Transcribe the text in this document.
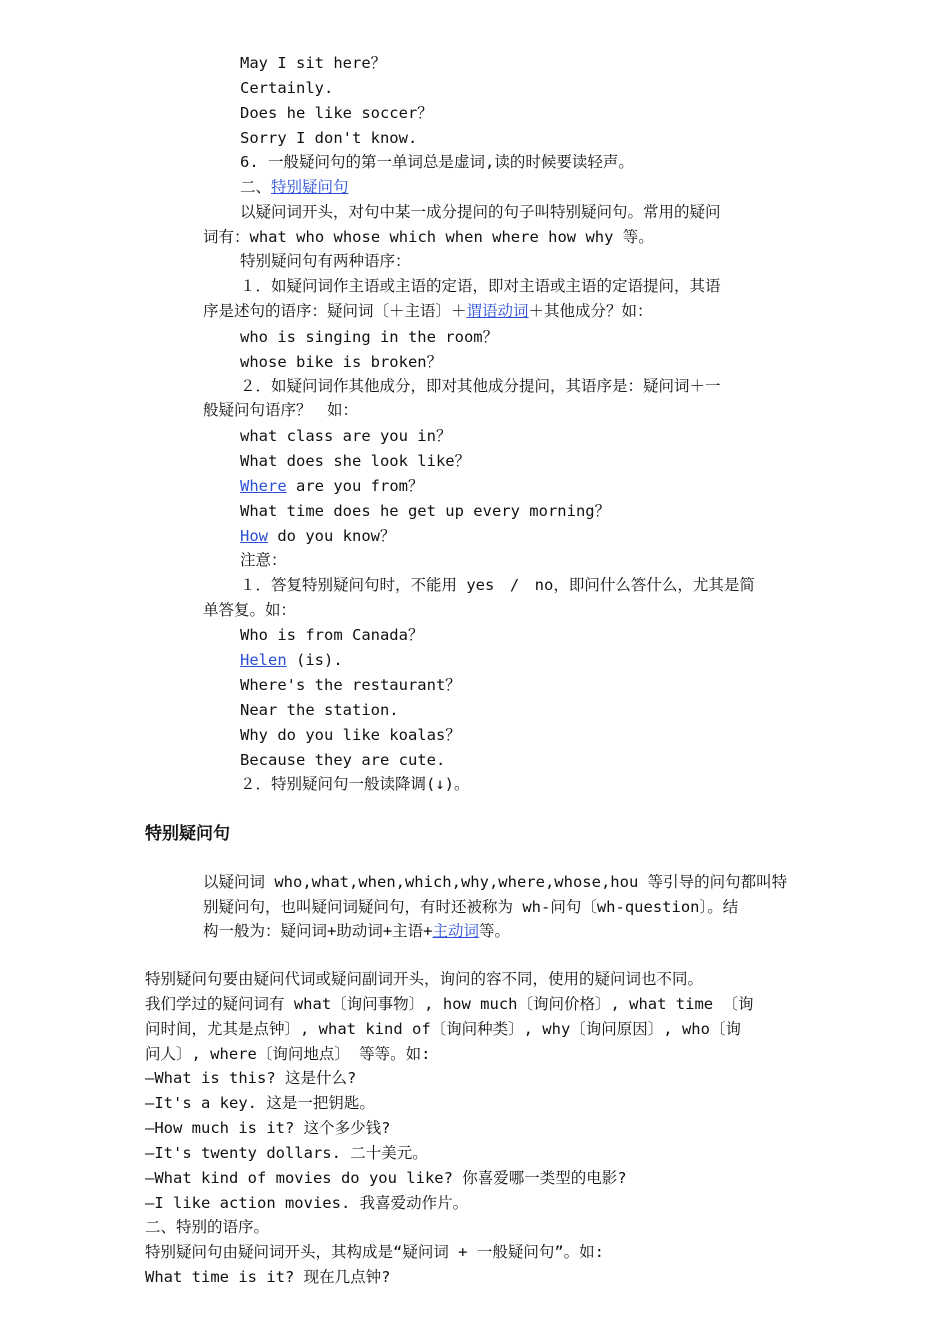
May I sit here？
Certainly.
Does he like soccer？
Sorry I don't know.
6. 一般疑问句的第一单词总是虚词,读的时候要读轻声。
二、特别疑问句
以疑问词开头，对句中某一成分提问的句子叫特别疑问句。常用的疑问
词有：what who whose which when where how why 等。
特别疑问句有两种语序：
１．如疑问词作主语或主语的定语，即对主语或主语的定语提问，其语
序是述句的语序：疑问词〔＋主语〕＋谓语动词＋其他成分？如：
who is singing in the room？
whose bike is broken？
２．如疑问词作其他成分，即对其他成分提问，其语序是：疑问词＋一
般疑问句语序？　如：
what class are you in？
What does she look like？
Where are you from？
What time does he get up every morning？
How do you know？
注意：
１．答复特别疑问句时，不能用 yes　/　no，即问什么答什么，尤其是简
单答复。如：
Who is from Canada？
Helen (is).
Where's the restaurant？
Near the station.
Why do you like koalas？
Because they are cute.
２．特别疑问句一般读降调(↓)。
特别疑问句
以疑问词 who,what,when,which,why,where,whose,hou 等引导的问句都叫特
别疑问句，也叫疑问词疑问句，有时还被称为 wh-问句〔wh-question〕。结
构一般为：疑问词+助动词+主语+主动词等。
特别疑问句要由疑问代词或疑问副词开头，询问的容不同，使用的疑问词也不同。
我们学过的疑问词有 what〔询问事物〕, how much〔询问价格〕, what time 〔询
问时间，尤其是点钟〕, what kind of〔询问种类〕, why〔询问原因〕, who〔询
问人〕, where〔询问地点〕 等等。如:
—What is this? 这是什么?
—It's a key. 这是一把钥匙。
—How much is it? 这个多少钱?
—It's twenty dollars. 二十美元。
—What kind of movies do you like? 你喜爱哪一类型的电影?
—I like action movies. 我喜爱动作片。
二、特别的语序。
特别疑问句由疑问词开头，其构成是“疑问词 + 一般疑问句”。如:
What time is it? 现在几点钟?
